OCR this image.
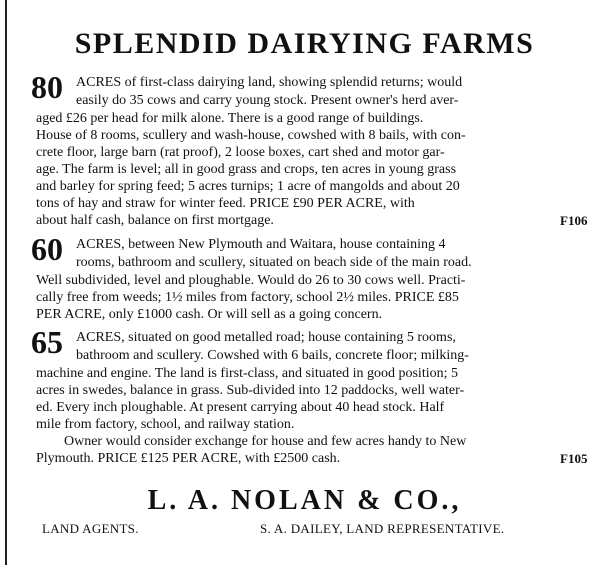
SPLENDID DAIRYING FARMS
80 ACRES of first-class dairying land, showing splendid returns; would
easily do 35 cows and carry young stock. Present owner's herd aver-
aged £26 per head for milk alone. There is a good range of buildings.
House of 8 rooms, scullery and wash-house, cowshed with 8 bails, with con-
crete floor, large barn (rat proof), 2 loose boxes, cart shed and motor gar-
age. The farm is level; all in good grass and crops, ten acres in young grass
and barley for spring feed; 5 acres turnips; 1 acre of mangolds and about 20
tons of hay and straw for winter feed. PRICE £90 PER ACRE, with
about half cash, balance on first mortgage.	F106
60 ACRES, between New Plymouth and Waitara, house containing 4
rooms, bathroom and scullery, situated on beach side of the main road.
Well subdivided, level and ploughable. Would do 26 to 30 cows well. Practi-
cally free from weeds; 1½ miles from factory, school 2½ miles. PRICE £85
PER ACRE, only £1000 cash. Or will sell as a going concern.
65 ACRES, situated on good metalled road; house containing 5 rooms,
bathroom and scullery. Cowshed with 6 bails, concrete floor; milking-
machine and engine. The land is first-class, and situated in good position; 5
acres in swedes, balance in grass. Sub-divided into 12 paddocks, well water-
ed. Every inch ploughable. At present carrying about 40 head stock. Half
mile from factory, school, and railway station.
Owner would consider exchange for house and few acres handy to New
Plymouth. PRICE £125 PER ACRE, with £2500 cash.	F105
L. A. NOLAN & CO.,
LAND AGENTS.	S. A. DAILEY, LAND REPRESENTATIVE.
